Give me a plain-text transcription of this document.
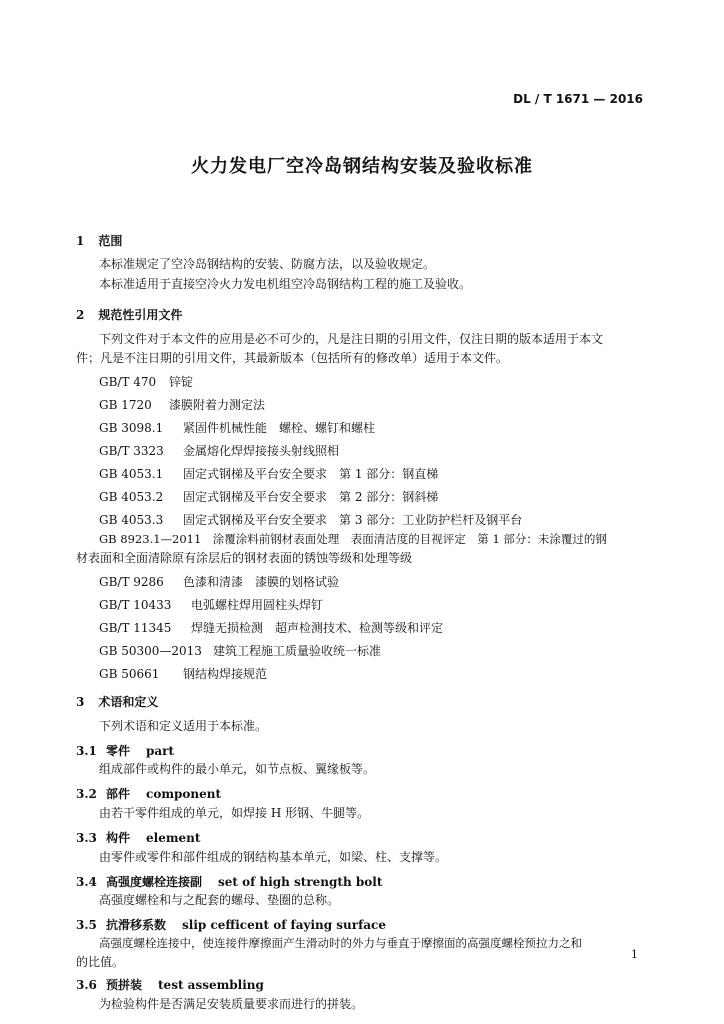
DL / T 1671 — 2016
火力发电厂空冷岛钢结构安装及验收标准
1 范围
本标准规定了空冷岛钢结构的安装、防腐方法，以及验收规定。
本标准适用于直接空冷火力发电机组空冷岛钢结构工程的施工及验收。
2 规范性引用文件
下列文件对于本文件的应用是必不可少的，凡是注日期的引用文件，仅注日期的版本适用于本文
件；凡是不注日期的引用文件，其最新版本（包括所有的修改单）适用于本文件。
GB/T 470 锌锭
GB 1720 漆膜附着力测定法
GB 3098.1 紧固件机械性能　螺栓、螺钉和螺柱
GB/T 3323 金属熔化焊焊接接头射线照相
GB 4053.1 固定式钢梯及平台安全要求　第 1 部分：钢直梯
GB 4053.2 固定式钢梯及平台安全要求　第 2 部分：钢斜梯
GB 4053.3 固定式钢梯及平台安全要求　第 3 部分：工业防护栏杆及钢平台
GB 8923.1—2011　涂覆涂料前钢材表面处理　表面清洁度的目视评定　第 1 部分：未涂覆过的钢
材表面和全面清除原有涂层后的钢材表面的锈蚀等级和处理等级
GB/T 9286 色漆和清漆　漆膜的划格试验
GB/T 10433 电弧螺柱焊用圆柱头焊钉
GB/T 11345 焊缝无损检测　超声检测技术、检测等级和评定
GB 50300—2013 建筑工程施工质量验收统一标准
GB 50661 钢结构焊接规范
3 术语和定义
下列术语和定义适用于本标准。
3.1 零件 part
组成部件或构件的最小单元，如节点板、翼缘板等。
3.2 部件 component
由若干零件组成的单元，如焊接 H 形钢、牛腿等。
3.3 构件 element
由零件或零件和部件组成的钢结构基本单元，如梁、柱、支撑等。
3.4 高强度螺栓连接副 set of high strength bolt
高强度螺栓和与之配套的螺母、垫圈的总称。
3.5 抗滑移系数 slip cefficent of faying surface
高强度螺栓连接中，使连接件摩擦面产生滑动时的外力与垂直于摩擦面的高强度螺栓预拉力之和
的比值。
3.6 预拼装 test assembling
为检验构件是否满足安装质量要求而进行的拼装。
1
